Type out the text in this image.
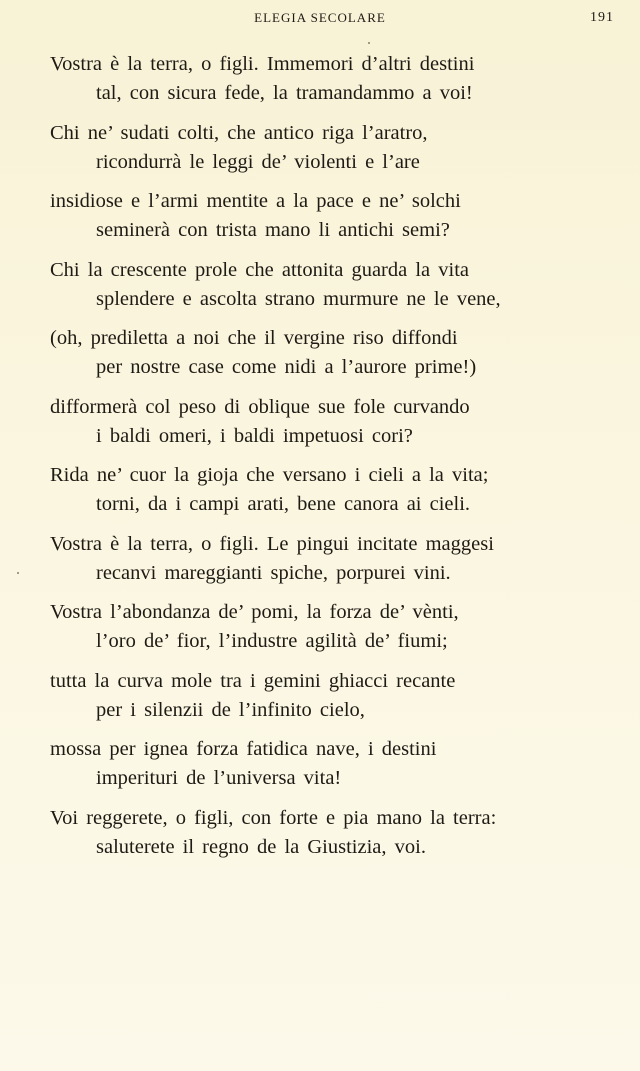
ELEGIA SECOLARE	191
Vostra è la terra, o figli. Immemori d’altri destini
tal, con sicura fede, la tramandammo a voi!
Chi ne’ sudati colti, che antico riga l’aratro,
ricondurrà le leggi de’ violenti e l’are
insidiose e l’armi mentite a la pace e ne’ solchi
seminerà con trista mano li antichi semi?
Chi la crescente prole che attonita guarda la vita
splendere e ascolta strano murmure ne le vene,
(oh, prediletta a noi che il vergine riso diffondi
per nostre case come nidi a l’aurore prime!)
difformerà col peso di oblique sue fole curvando
i baldi omeri, i baldi impetuosi cori?
Rida ne’ cuor la gioja che versano i cieli a la vita;
torni, da i campi arati, bene canora ai cieli.
Vostra è la terra, o figli. Le pingui incitate maggesi
recanvi mareggianti spiche, porpurei vini.
Vostra l’abondanza de’ pomi, la forza de’ vènti,
l’oro de’ fior, l’industre agilità de’ fiumi;
tutta la curva mole tra i gemini ghiacci recante
per i silenzii de l’infinito cielo,
mossa per ignea forza fatidica nave, i destini
imperituri de l’universa vita!
Voi reggerete, o figli, con forte e pia mano la terra:
saluterete il regno de la Giustizia, voi.
